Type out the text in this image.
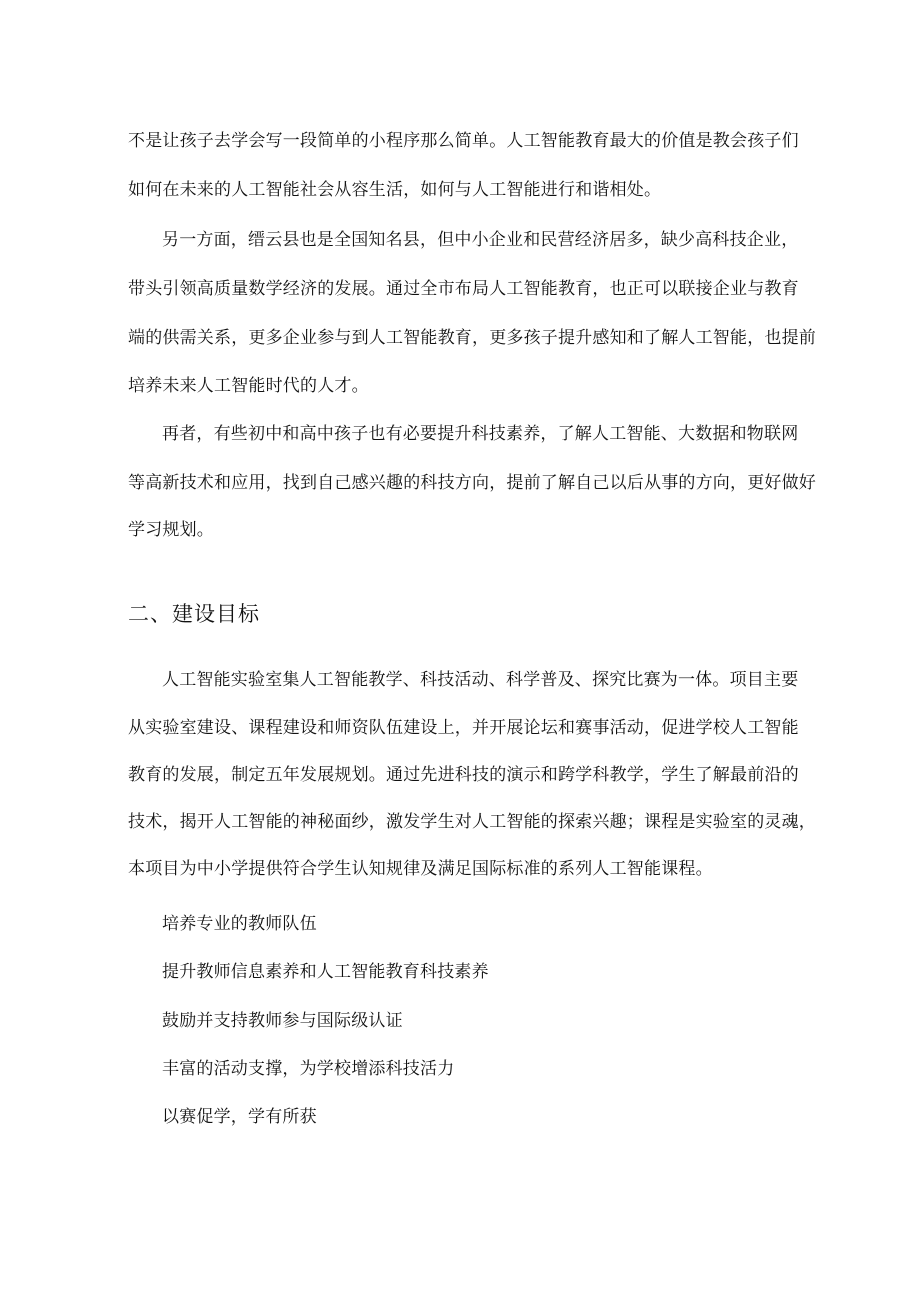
不是让孩子去学会写一段简单的小程序那么简单。人工智能教育最大的价值是教会孩子们
如何在未来的人工智能社会从容生活，如何与人工智能进行和谐相处。
另一方面，缙云县也是全国知名县，但中小企业和民营经济居多，缺少高科技企业，
带头引领高质量数学经济的发展。通过全市布局人工智能教育，也正可以联接企业与教育
端的供需关系，更多企业参与到人工智能教育，更多孩子提升感知和了解人工智能，也提前
培养未来人工智能时代的人才。
再者，有些初中和高中孩子也有必要提升科技素养，了解人工智能、大数据和物联网
等高新技术和应用，找到自己感兴趣的科技方向，提前了解自己以后从事的方向，更好做好
学习规划。
二、建设目标
人工智能实验室集人工智能教学、科技活动、科学普及、探究比赛为一体。项目主要
从实验室建设、课程建设和师资队伍建设上，并开展论坛和赛事活动，促进学校人工智能
教育的发展，制定五年发展规划。通过先进科技的演示和跨学科教学，学生了解最前沿的
技术，揭开人工智能的神秘面纱，激发学生对人工智能的探索兴趣；课程是实验室的灵魂，
本项目为中小学提供符合学生认知规律及满足国际标准的系列人工智能课程。
培养专业的教师队伍
提升教师信息素养和人工智能教育科技素养
鼓励并支持教师参与国际级认证
丰富的活动支撑，为学校增添科技活力
以赛促学，学有所获
